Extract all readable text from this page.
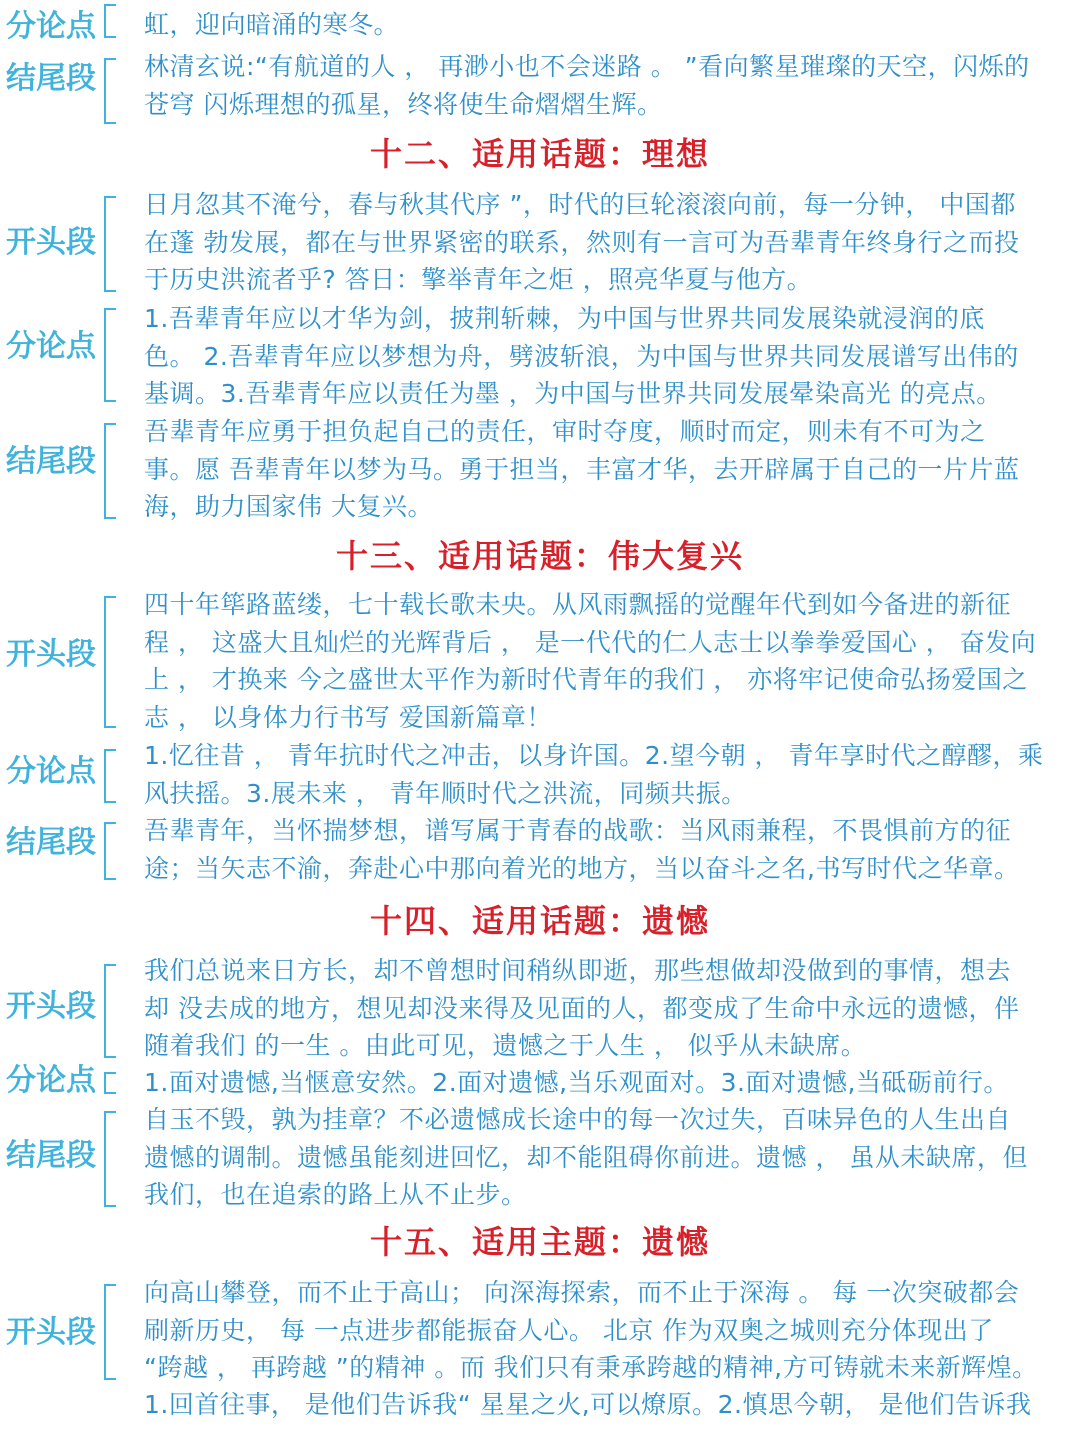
分论点 虹，迎向暗涌的寒冬。
结尾段 林清玄说:“有航道的人 ， 再渺小也不会迷路 。 ”看向繁星璀璨的天空，闪烁的
苍穹 闪烁理想的孤星，终将使生命熠熠生辉。
十二、适用话题：理想
开头段
日月忽其不淹兮，春与秋其代序 ”，时代的巨轮滚滚向前，每一分钟， 中国都
在蓬 勃发展，都在与世界紧密的联系，然则有一言可为吾辈青年终身行之而投
于历史洪流者乎? 答日：擎举青年之炬 ，照亮华夏与他方。
分论点
1.吾辈青年应以才华为剑，披荆斩棘，为中国与世界共同发展染就浸润的底
色。 2.吾辈青年应以梦想为舟，劈波斩浪，为中国与世界共同发展谱写出伟的
基调。3.吾辈青年应以责任为墨 ，为中国与世界共同发展晕染高光 的亮点。
结尾段
吾辈青年应勇于担负起自己的责任，审时夺度，顺时而定，则未有不可为之
事。愿 吾辈青年以梦为马。勇于担当，丰富才华，去开辟属于自己的一片片蓝
海，助力国家伟 大复兴。
十三、适用话题：伟大复兴
开头段
四十年筚路蓝缕，七十载长歌未央。从风雨飘摇的觉醒年代到如今备进的新征
程 ， 这盛大且灿烂的光辉背后 ， 是一代代的仁人志士以拳拳爱国心 ， 奋发向
上 ， 才换来 今之盛世太平作为新时代青年的我们 ， 亦将牢记使命弘扬爱国之
志 ， 以身体力行书写 爱国新篇章！
分论点 1.忆往昔 ， 青年抗时代之冲击，以身许国。2.望今朝 ， 青年享时代之醇醪，乘
风扶摇。3.展未来 ， 青年顺时代之洪流，同频共振。
结尾段 吾辈青年，当怀揣梦想，谱写属于青春的战歌：当风雨兼程，不畏惧前方的征
途；当矢志不渝，奔赴心中那向着光的地方，当以奋斗之名,书写时代之华章。
十四、适用话题：遗憾
开头段
我们总说来日方长，却不曾想时间稍纵即逝，那些想做却没做到的事情，想去
却 没去成的地方，想见却没来得及见面的人，都变成了生命中永远的遗憾，伴
随着我们 的一生 。由此可见，遗憾之于人生 ， 似乎从未缺席。
分论点 1.面对遗憾,当惬意安然。2.面对遗憾,当乐观面对。3.面对遗憾,当砥砺前行。
结尾段
自玉不毁，孰为挂章？不必遗憾成长途中的每一次过失，百味异色的人生出自
遗憾的调制。遗憾虽能刻进回忆，却不能阻碍你前进。遗憾 ， 虽从未缺席，但
我们，也在追索的路上从不止步。
十五、适用主题：遗憾
开头段
向高山攀登，而不止于高山； 向深海探索，而不止于深海 。 每 一次突破都会
刷新历史， 每 一点进步都能振奋人心。 北京 作为双奥之城则充分体现出了
“跨越 ， 再跨越 ”的精神 。而 我们只有秉承跨越的精神,方可铸就未来新辉煌。
1.回首往事， 是他们告诉我“ 星星之火,可以燎原。2.慎思今朝， 是他们告诉我
